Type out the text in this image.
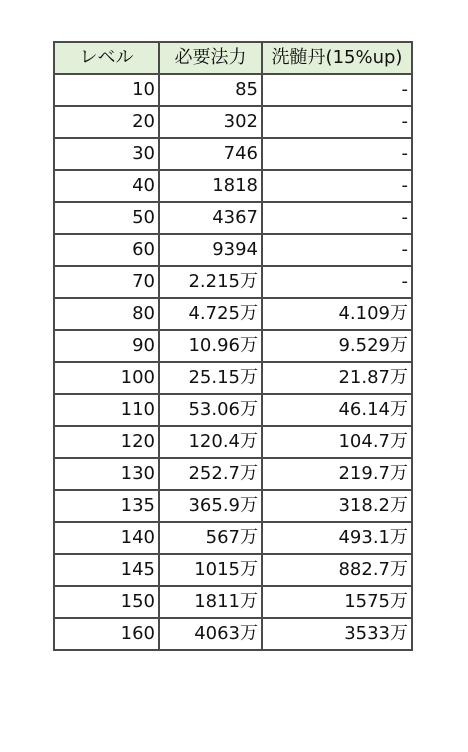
レベル	必要法力	洗髄丹(15%up)
10	85	-
20	302	-
30	746	-
40	1818	-
50	4367	-
60	9394	-
70	2.215万	-
80	4.725万	4.109万
90	10.96万	9.529万
100	25.15万	21.87万
110	53.06万	46.14万
120	120.4万	104.7万
130	252.7万	219.7万
135	365.9万	318.2万
140	567万	493.1万
145	1015万	882.7万
150	1811万	1575万
160	4063万	3533万
